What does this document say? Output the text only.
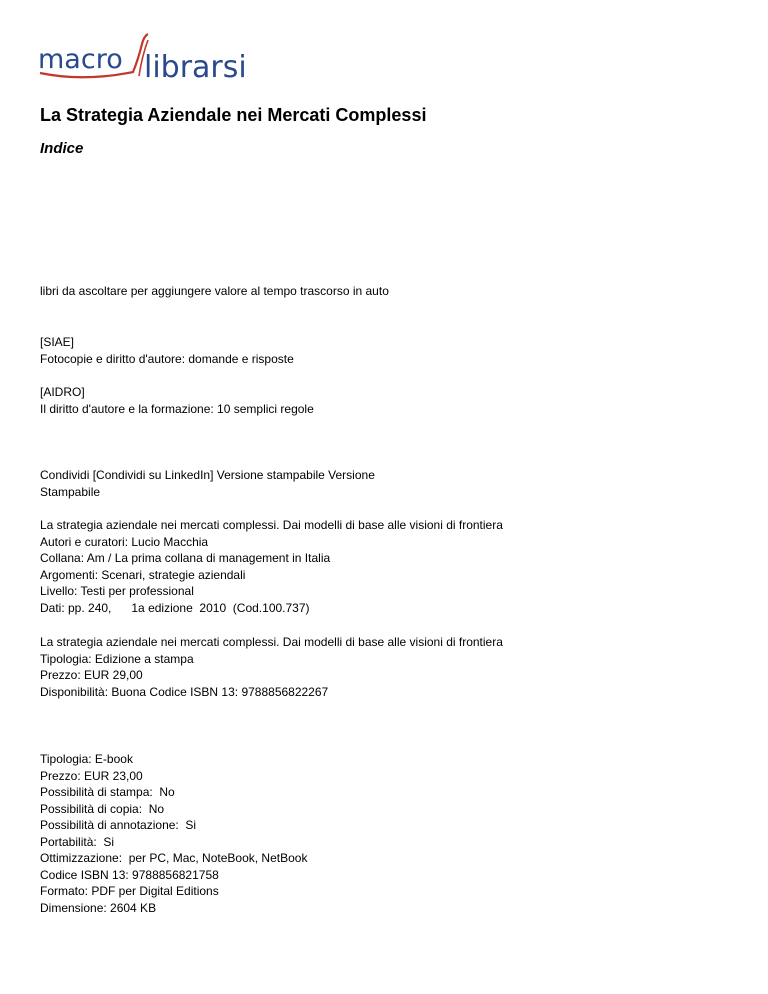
macro librarsi
La Strategia Aziendale nei Mercati Complessi
Indice
libri da ascoltare per aggiungere valore al tempo trascorso in auto
[SIAE]
Fotocopie e diritto d'autore: domande e risposte
[AIDRO]
Il diritto d'autore e la formazione: 10 semplici regole
Condividi [Condividi su LinkedIn] Versione stampabile Versione
Stampabile
La strategia aziendale nei mercati complessi. Dai modelli di base alle visioni di frontiera
Autori e curatori: Lucio Macchia
Collana: Am / La prima collana di management in Italia
Argomenti: Scenari, strategie aziendali
Livello: Testi per professional
Dati: pp. 240,      1a edizione  2010  (Cod.100.737)
La strategia aziendale nei mercati complessi. Dai modelli di base alle visioni di frontiera
Tipologia: Edizione a stampa
Prezzo: EUR 29,00
Disponibilità: Buona Codice ISBN 13: 9788856822267
Tipologia: E-book
Prezzo: EUR 23,00
Possibilità di stampa:  No
Possibilità di copia:  No
Possibilità di annotazione:  Si
Portabilità:  Si
Ottimizzazione:  per PC, Mac, NoteBook, NetBook
Codice ISBN 13: 9788856821758
Formato: PDF per Digital Editions
Dimensione: 2604 KB
